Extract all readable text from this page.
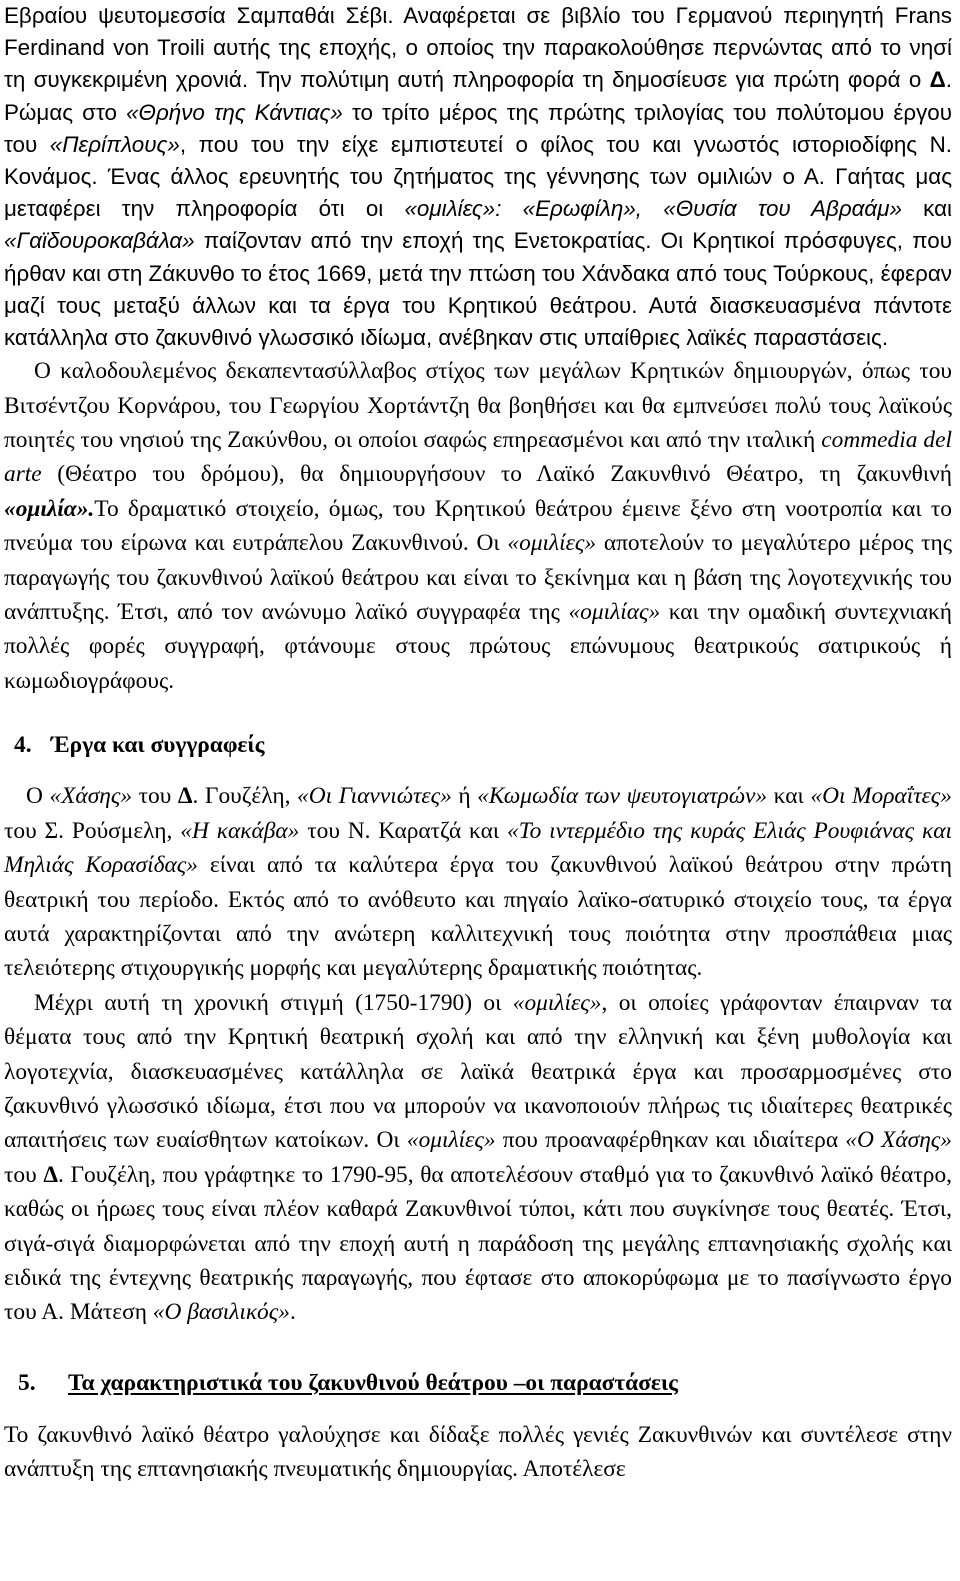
Εβραίου ψευτομεσσία Σαμπαθάι Σέβι. Αναφέρεται σε βιβλίο του Γερμανού περιηγητή Frans Ferdinand von Troili αυτής της εποχής, ο οποίος την παρακολούθησε περνώντας από το νησί τη συγκεκριμένη χρονιά. Την πολύτιμη αυτή πληροφορία τη δημοσίευσε για πρώτη φορά ο Δ. Ρώμας στο «Θρήνο της Κάντιας» το τρίτο μέρος της πρώτης τριλογίας του πολύτομου έργου του «Περίπλους», που του την είχε εμπιστευτεί ο φίλος του και γνωστός ιστοριοδίφης Ν. Κονάμος. Ένας άλλος ερευνητής του ζητήματος της γέννησης των ομιλιών ο Α. Γαήτας μας μεταφέρει την πληροφορία ότι οι «ομιλίες»: «Ερωφίλη», «Θυσία του Αβραάμ» και «Γαϊδουροκαβάλα» παίζονταν από την εποχή της Ενετοκρατίας. Οι Κρητικοί πρόσφυγες, που ήρθαν και στη Ζάκυνθο το έτος 1669, μετά την πτώση του Χάνδακα από τους Τούρκους, έφεραν μαζί τους μεταξύ άλλων και τα έργα του Κρητικού θεάτρου. Αυτά διασκευασμένα πάντοτε κατάλληλα στο ζακυνθινό γλωσσικό ιδίωμα, ανέβηκαν στις υπαίθριες λαϊκές παραστάσεις.

Ο καλοδουλεμένος δεκαπεντασύλλαβος στίχος των μεγάλων Κρητικών δημιουργών, όπως του Βιτσέντζου Κορνάρου, του Γεωργίου Χορτάντζη θα βοηθήσει και θα εμπνεύσει πολύ τους λαϊκούς ποιητές του νησιού της Ζακύνθου, οι οποίοι σαφώς επηρεασμένοι και από την ιταλική commedia del arte (Θέατρο του δρόμου), θα δημιουργήσουν το Λαϊκό Ζακυνθινό Θέατρο, τη ζακυνθινή «ομιλία».Το δραματικό στοιχείο, όμως, του Κρητικού θεάτρου έμεινε ξένο στη νοοτροπία και το πνεύμα του είρωνα και ευτράπελου Ζακυνθινού. Οι «ομιλίες» αποτελούν το μεγαλύτερο μέρος της παραγωγής του ζακυνθινού λαϊκού θεάτρου και είναι το ξεκίνημα και η βάση της λογοτεχνικής του ανάπτυξης. Έτσι, από τον ανώνυμο λαϊκό συγγραφέα της «ομιλίας» και την ομαδική συντεχνιακή πολλές φορές συγγραφή, φτάνουμε στους πρώτους επώνυμους θεατρικούς σατιρικούς ή κωμωδιογράφους.

4. Έργα και συγγραφείς

Ο «Χάσης» του Δ. Γουζέλη, «Οι Γιαννιώτες» ή «Κωμωδία των ψευτογιατρών» και «Οι Μοραΐτες» του Σ. Ρούσμελη, «Η κακάβα» του Ν. Καρατζά και «Το ιντερμέδιο της κυράς Ελιάς Ρουφιάνας και Μηλιάς Κορασίδας» είναι από τα καλύτερα έργα του ζακυνθινού λαϊκού θεάτρου στην πρώτη θεατρική του περίοδο. Εκτός από το ανόθευτο και πηγαίο λαϊκο-σατυρικό στοιχείο τους, τα έργα αυτά χαρακτηρίζονται από την ανώτερη καλλιτεχνική τους ποιότητα στην προσπάθεια μιας τελειότερης στιχουργικής μορφής και μεγαλύτερης δραματικής ποιότητας.

Μέχρι αυτή τη χρονική στιγμή (1750-1790) οι «ομιλίες», οι οποίες γράφονταν έπαιρναν τα θέματα τους από την Κρητική θεατρική σχολή και από την ελληνική και ξένη μυθολογία και λογοτεχνία, διασκευασμένες κατάλληλα σε λαϊκά θεατρικά έργα και προσαρμοσμένες στο ζακυνθινό γλωσσικό ιδίωμα, έτσι που να μπορούν να ικανοποιούν πλήρως τις ιδιαίτερες θεατρικές απαιτήσεις των ευαίσθητων κατοίκων. Οι «ομιλίες» που προαναφέρθηκαν και ιδιαίτερα «Ο Χάσης» του Δ. Γουζέλη, που γράφτηκε το 1790-95, θα αποτελέσουν σταθμό για το ζακυνθινό λαϊκό θέατρο, καθώς οι ήρωες τους είναι πλέον καθαρά Ζακυνθινοί τύποι, κάτι που συγκίνησε τους θεατές. Έτσι, σιγά-σιγά διαμορφώνεται από την εποχή αυτή η παράδοση της μεγάλης επτανησιακής σχολής και ειδικά της έντεχνης θεατρικής παραγωγής, που έφτασε στο αποκορύφωμα με το πασίγνωστο έργο του Α. Μάτεση «Ο βασιλικός».

5.	Τα χαρακτηριστικά του ζακυνθινού θεάτρου –οι παραστάσεις

Το ζακυνθινό λαϊκό θέατρο γαλούχησε και δίδαξε πολλές γενιές Ζακυνθινών και συντέλεσε στην ανάπτυξη της επτανησιακής πνευματικής δημιουργίας. Αποτέλεσε
